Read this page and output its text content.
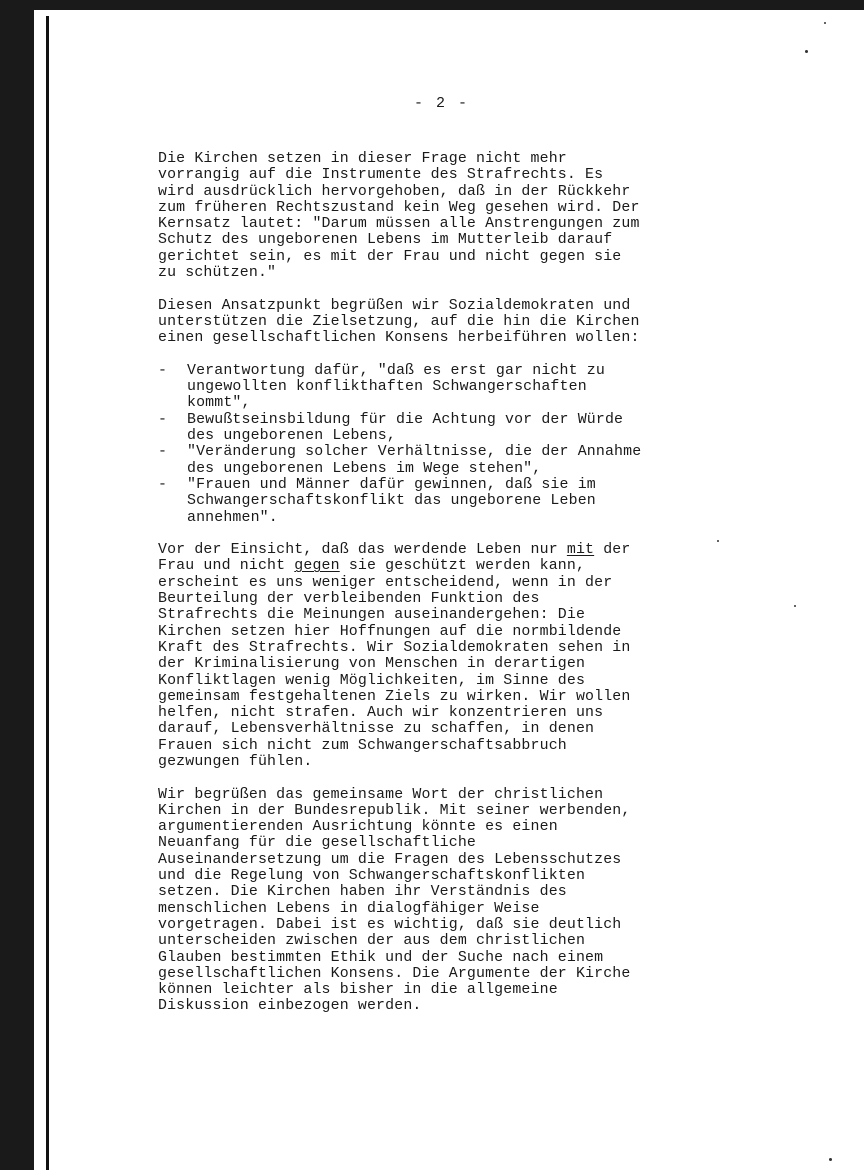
- 2 -
Die Kirchen setzen in dieser Frage nicht mehr
vorrangig auf die Instrumente des Strafrechts. Es
wird ausdrücklich hervorgehoben, daß in der Rückkehr
zum früheren Rechtszustand kein Weg gesehen wird. Der
Kernsatz lautet: "Darum müssen alle Anstrengungen zum
Schutz des ungeborenen Lebens im Mutterleib darauf
gerichtet sein, es mit der Frau und nicht gegen sie
zu schützen."
Diesen Ansatzpunkt begrüßen wir Sozialdemokraten und
unterstützen die Zielsetzung, auf die hin die Kirchen
einen gesellschaftlichen Konsens herbeiführen wollen:
- Verantwortung dafür, "daß es erst gar nicht zu
ungewollten konflikthaften Schwangerschaften
kommt",
- Bewußtseinsbildung für die Achtung vor der Würde
des ungeborenen Lebens,
- "Veränderung solcher Verhältnisse, die der Annahme
des ungeborenen Lebens im Wege stehen",
- "Frauen und Männer dafür gewinnen, daß sie im
Schwangerschaftskonflikt das ungeborene Leben
annehmen".
Vor der Einsicht, daß das werdende Leben nur mit der
Frau und nicht gegen sie geschützt werden kann,
erscheint es uns weniger entscheidend, wenn in der
Beurteilung der verbleibenden Funktion des
Strafrechts die Meinungen auseinandergehen: Die
Kirchen setzen hier Hoffnungen auf die normbildende
Kraft des Strafrechts. Wir Sozialdemokraten sehen in
der Kriminalisierung von Menschen in derartigen
Konfliktlagen wenig Möglichkeiten, im Sinne des
gemeinsam festgehaltenen Ziels zu wirken. Wir wollen
helfen, nicht strafen. Auch wir konzentrieren uns
darauf, Lebensverhältnisse zu schaffen, in denen
Frauen sich nicht zum Schwangerschaftsabbruch
gezwungen fühlen.
Wir begrüßen das gemeinsame Wort der christlichen
Kirchen in der Bundesrepublik. Mit seiner werbenden,
argumentierenden Ausrichtung könnte es einen
Neuanfang für die gesellschaftliche
Auseinandersetzung um die Fragen des Lebensschutzes
und die Regelung von Schwangerschaftskonflikten
setzen. Die Kirchen haben ihr Verständnis des
menschlichen Lebens in dialogfähiger Weise
vorgetragen. Dabei ist es wichtig, daß sie deutlich
unterscheiden zwischen der aus dem christlichen
Glauben bestimmten Ethik und der Suche nach einem
gesellschaftlichen Konsens. Die Argumente der Kirche
können leichter als bisher in die allgemeine
Diskussion einbezogen werden.
